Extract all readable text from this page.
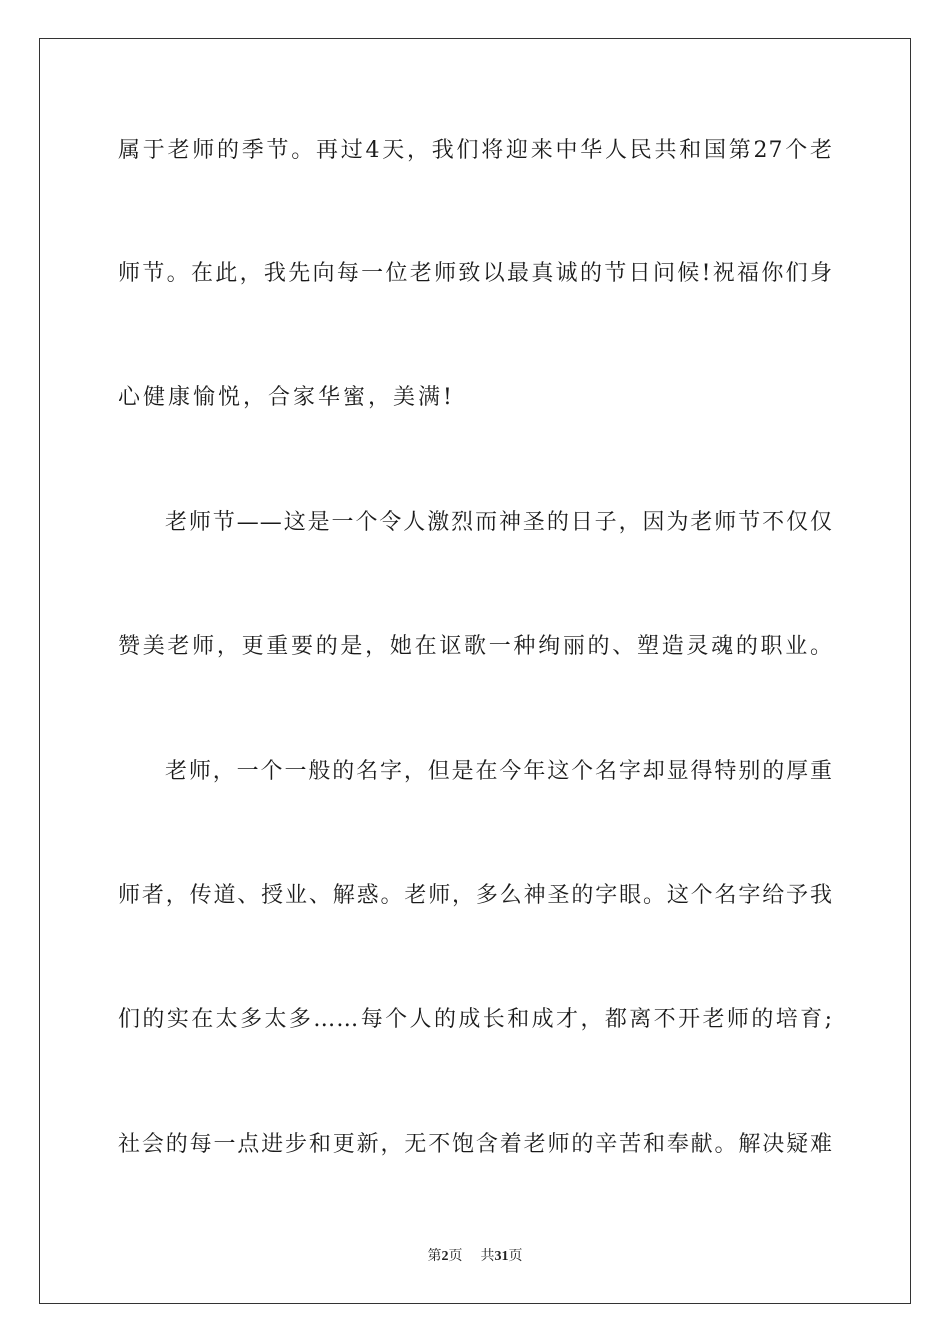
属于老师的季节。再过4天，我们将迎来中华人民共和国第27个老
师节。在此，我先向每一位老师致以最真诚的节日问候!祝福你们身
心健康愉悦，合家华蜜，美满!
老师节——这是一个令人激烈而神圣的日子，因为老师节不仅仅
赞美老师，更重要的是，她在讴歌一种绚丽的、塑造灵魂的职业。
老师，一个一般的名字，但是在今年这个名字却显得特别的厚重
师者，传道、授业、解惑。老师，多么神圣的字眼。这个名字给予我
们的实在太多太多……每个人的成长和成才，都离不开老师的培育;
社会的每一点进步和更新，无不饱含着老师的辛苦和奉献。解决疑难
第2页 共31页
